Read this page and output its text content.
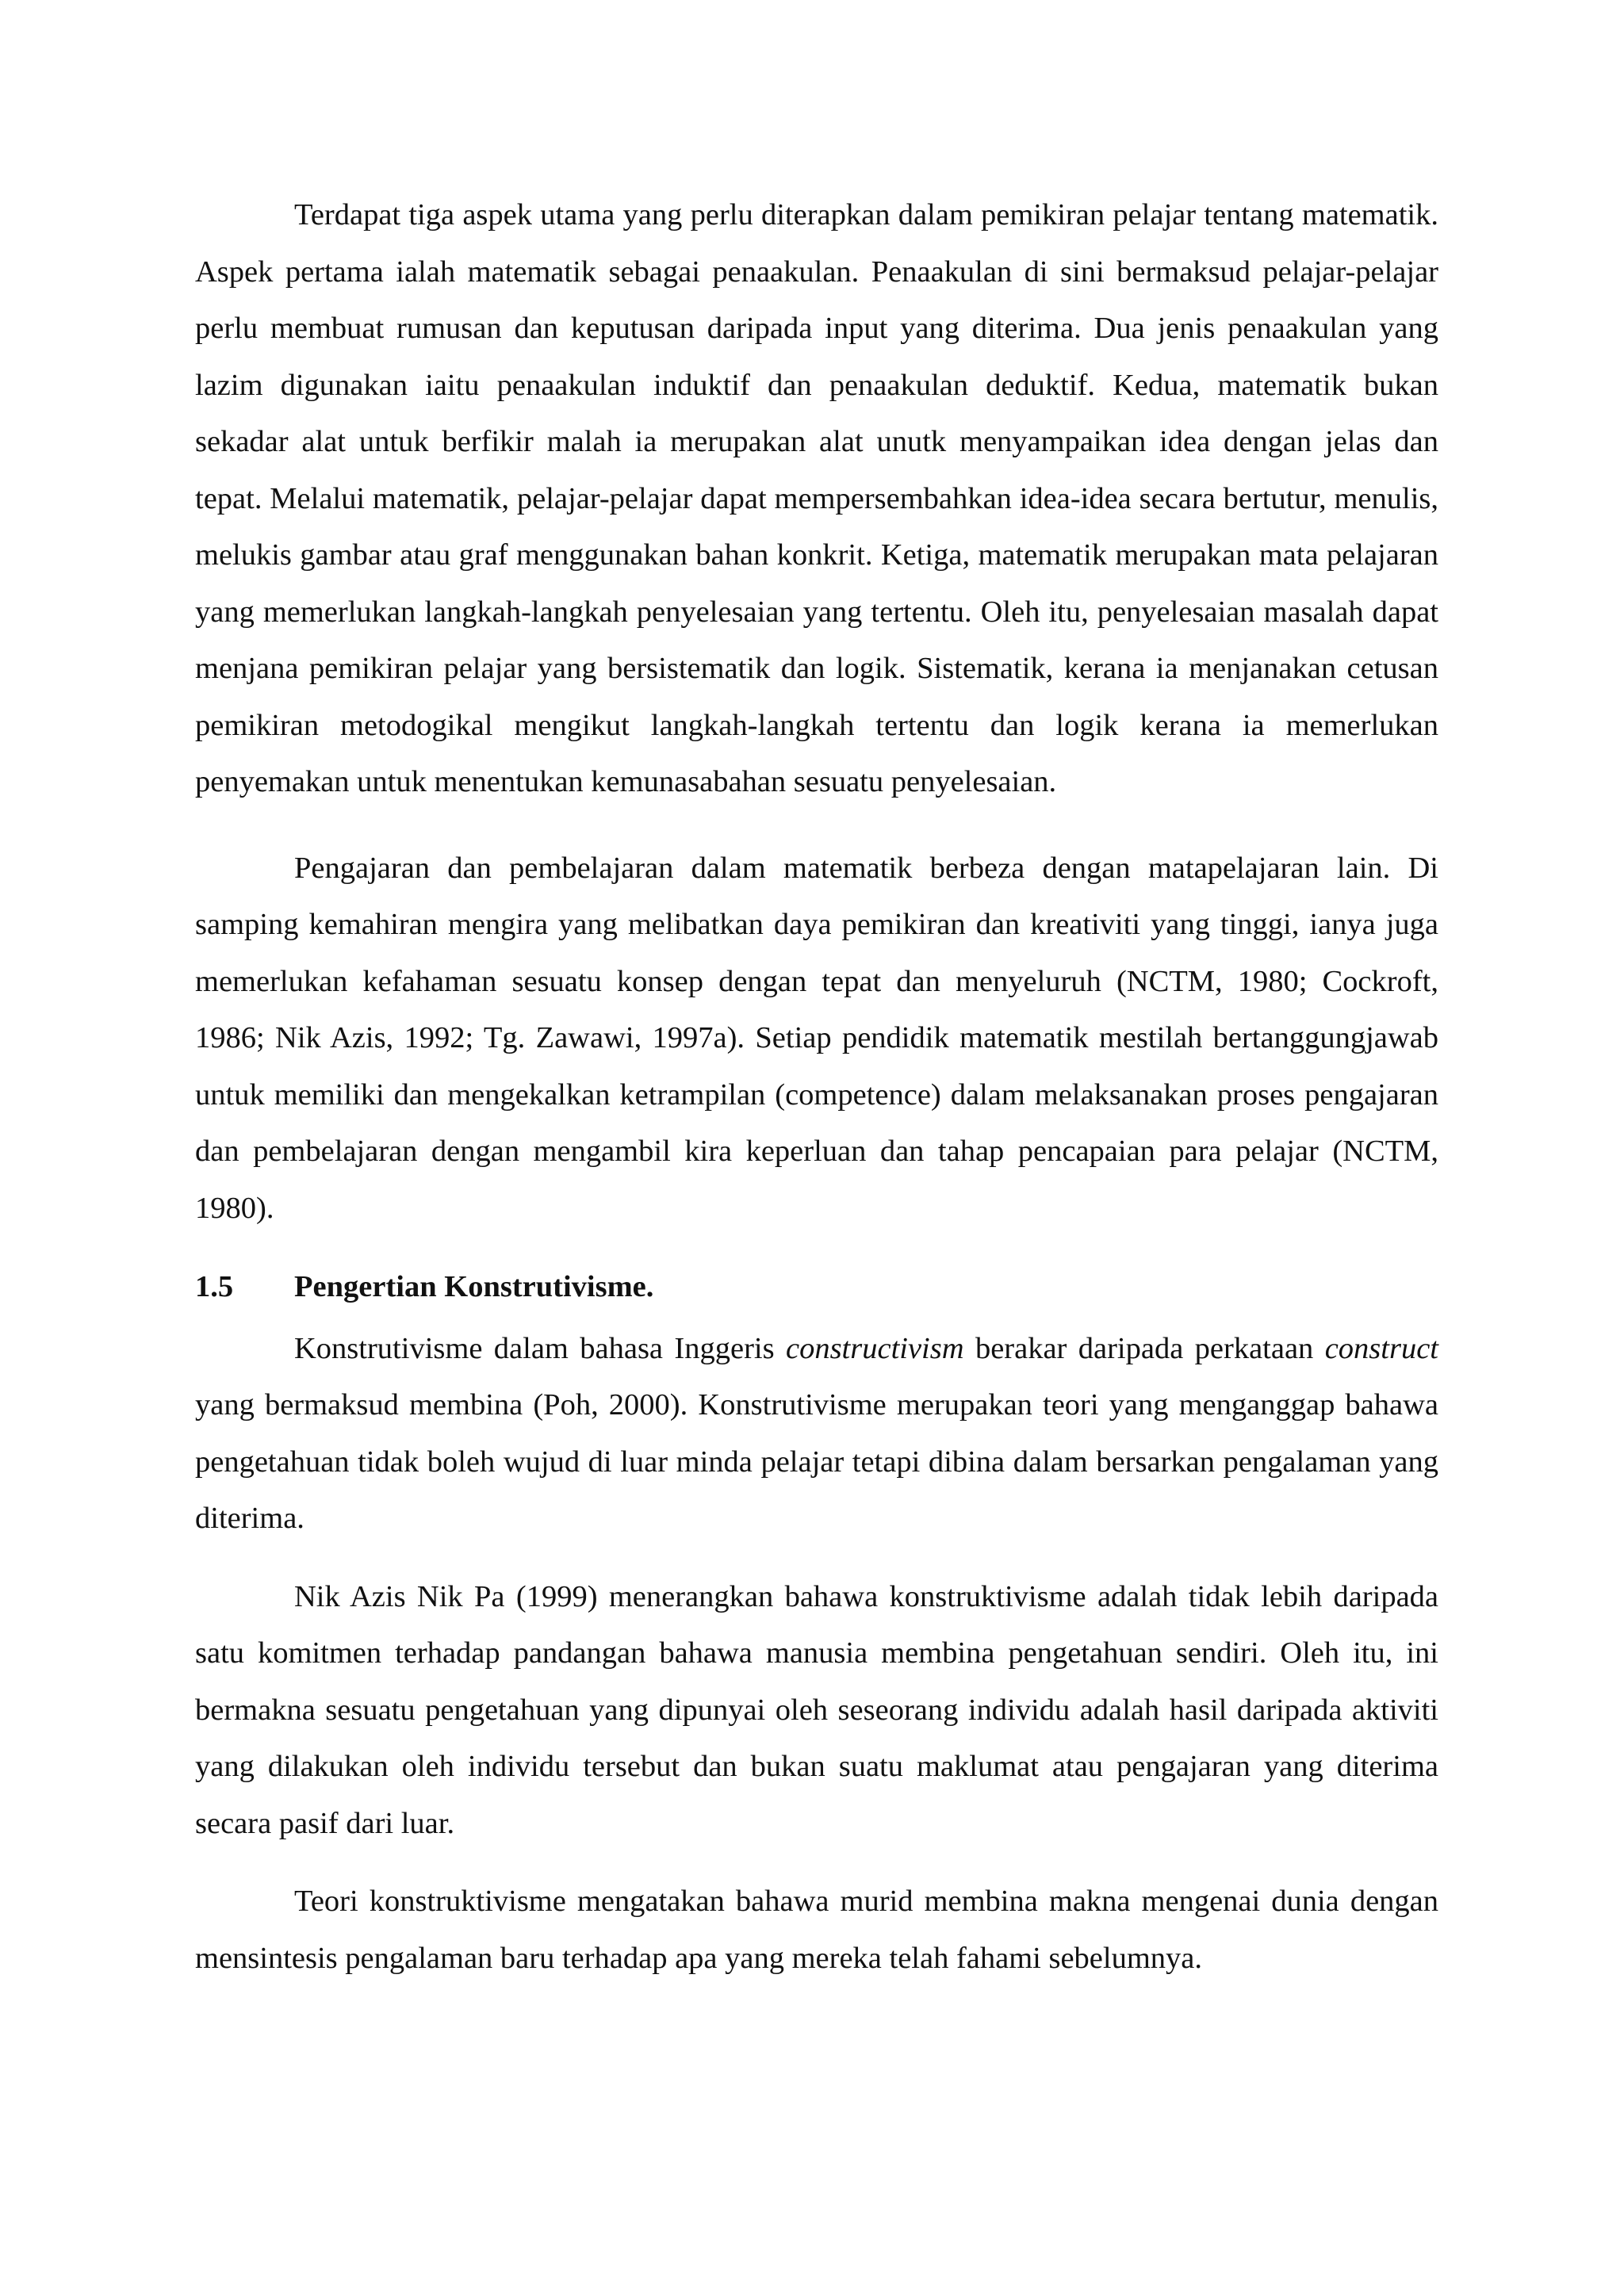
Terdapat tiga aspek utama yang perlu diterapkan dalam pemikiran pelajar tentang matematik. Aspek pertama ialah matematik sebagai penaakulan. Penaakulan di sini bermaksud pelajar-pelajar perlu membuat rumusan dan keputusan daripada input yang diterima. Dua jenis penaakulan yang lazim digunakan iaitu penaakulan induktif dan penaakulan deduktif. Kedua, matematik bukan sekadar alat untuk berfikir malah ia merupakan alat unutk menyampaikan idea dengan jelas dan tepat. Melalui matematik, pelajar-pelajar dapat mempersembahkan idea-idea secara bertutur, menulis, melukis gambar atau graf menggunakan bahan konkrit. Ketiga, matematik merupakan mata pelajaran yang memerlukan langkah-langkah penyelesaian yang tertentu. Oleh itu, penyelesaian masalah dapat menjana pemikiran pelajar yang bersistematik dan logik. Sistematik, kerana ia menjanakan cetusan pemikiran metodogikal mengikut langkah-langkah tertentu dan logik kerana ia memerlukan penyemakan untuk menentukan kemunasabahan sesuatu penyelesaian.

Pengajaran dan pembelajaran dalam matematik berbeza dengan matapelajaran lain. Di samping kemahiran mengira yang melibatkan daya pemikiran dan kreativiti yang tinggi, ianya juga memerlukan kefahaman sesuatu konsep dengan tepat dan menyeluruh (NCTM, 1980; Cockroft, 1986; Nik Azis, 1992; Tg. Zawawi, 1997a). Setiap pendidik matematik mestilah bertanggungjawab untuk memiliki dan mengekalkan ketrampilan (competence) dalam melaksanakan proses pengajaran dan pembelajaran dengan mengambil kira keperluan dan tahap pencapaian para pelajar (NCTM, 1980).

1.5 Pengertian Konstrutivisme.

Konstrutivisme dalam bahasa Inggeris constructivism berakar daripada perkataan construct yang bermaksud membina (Poh, 2000). Konstrutivisme merupakan teori yang menganggap bahawa pengetahuan tidak boleh wujud di luar minda pelajar tetapi dibina dalam bersarkan pengalaman yang diterima.

Nik Azis Nik Pa (1999) menerangkan bahawa konstruktivisme adalah tidak lebih daripada satu komitmen terhadap pandangan bahawa manusia membina pengetahuan sendiri. Oleh itu, ini bermakna sesuatu pengetahuan yang dipunyai oleh seseorang individu adalah hasil daripada aktiviti yang dilakukan oleh individu tersebut dan bukan suatu maklumat atau pengajaran yang diterima secara pasif dari luar.

Teori konstruktivisme mengatakan bahawa murid membina makna mengenai dunia dengan mensintesis pengalaman baru terhadap apa yang mereka telah fahami sebelumnya.
